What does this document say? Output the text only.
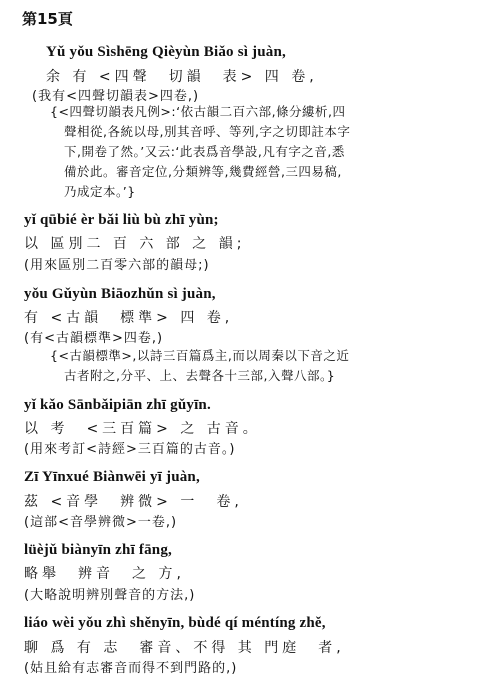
第15頁
Yǔ yǒu Sìshēng Qièyùn Biǎo sì juàn,
余 有 <四聲　切韻　表> 四 卷,
(我有<四聲切韻表>四卷,)
{<四聲切韻表凡例>:‘依古韻二百六部,條分縷析,四
聲相從,各統以母,別其音呼、等列,字之切即註本字
下,開卷了然。’又云:‘此表爲音學設,凡有字之音,悉
備於此。審音定位,分類辨等,幾費經營,三四易稿,
乃成定本。’}
yǐ qūbié èr bǎi liù bù zhī yùn;
以 區別二 百 六 部 之 韻;
(用來區別二百零六部的韻母;)
yǒu Gǔyùn Biāozhǔn sì juàn,
有 <古韻　標準> 四 卷,
(有<古韻標準>四卷,)
{<古韻標準>,以詩三百篇爲主,而以周秦以下音之近
古者附之,分平、上、去聲各十三部,入聲八部。}
yǐ kǎo Sānbǎipiān zhī gǔyīn.
以 考　<三百篇> 之 古音。
(用來考訂<詩經>三百篇的古音。)
Zī Yīnxué Biànwēi yī juàn,
茲 <音學　辨微> 一　卷,
(這部<音學辨微>一卷,)
lüèjǔ biànyīn zhī fāng,
略舉　辨音　之 方,
(大略說明辨別聲音的方法,)
liáo wèi yǒu zhì shěnyīn, bùdé qí méntíng zhě,
聊 爲 有 志　審音、不得 其 門庭　者,
(姑且給有志審音而得不到門路的,)
